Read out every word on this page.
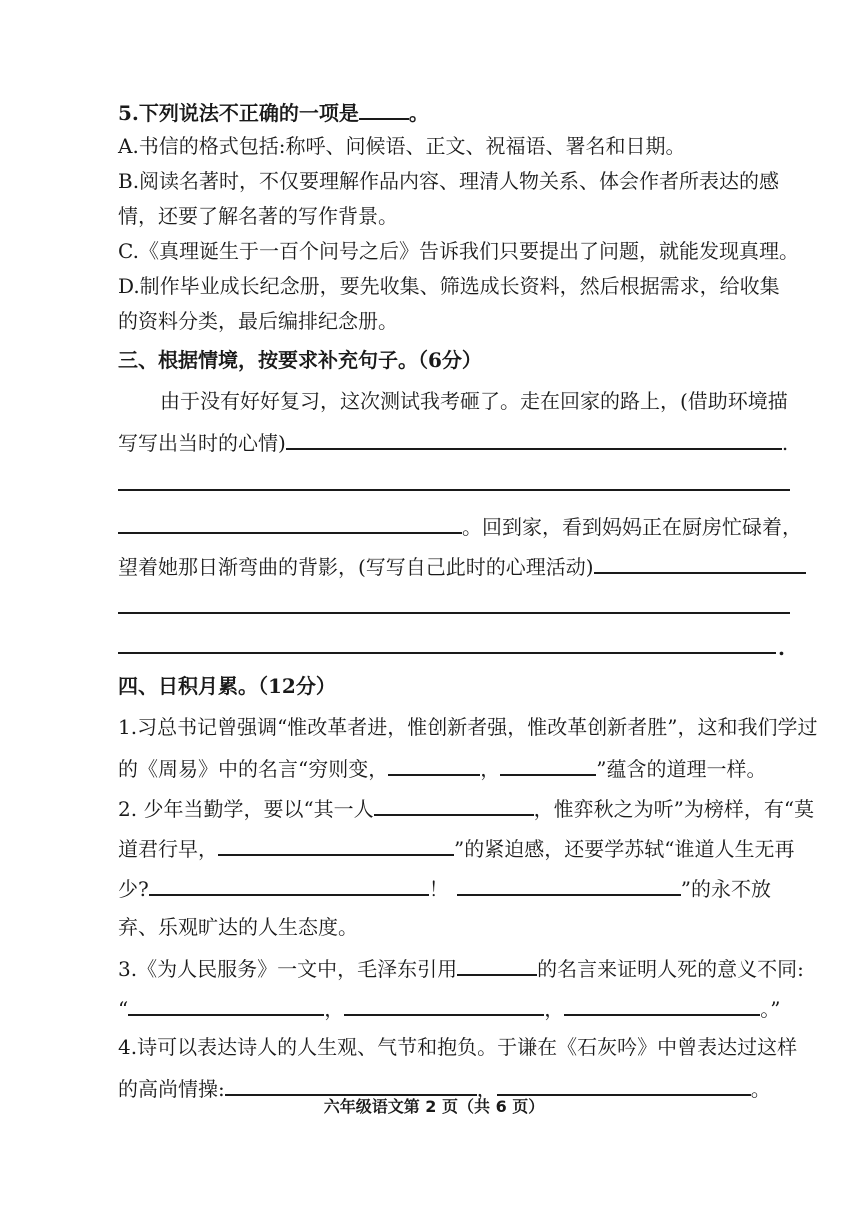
5.下列说法不正确的一项是	。
A.书信的格式包括:称呼、问候语、正文、祝福语、署名和日期。
B.阅读名著时，不仅要理解作品内容、理清人物关系、体会作者所表达的感
情，还要了解名著的写作背景。
C.《真理诞生于一百个问号之后》告诉我们只要提出了问题，就能发现真理。
D.制作毕业成长纪念册，要先收集、筛选成长资料，然后根据需求，给收集
的资料分类，最后编排纪念册。
三、根据情境，按要求补充句子。（6分）
由于没有好好复习，这次测试我考砸了。走在回家的路上，(借助环境描
写写出当时的心情)	.
。回到家，看到妈妈正在厨房忙碌着，
望着她那日渐弯曲的背影，(写写自己此时的心理活动)
.
四、日积月累。（12分）
1.习总书记曾强调“惟改革者进，惟创新者强，惟改革创新者胜”，这和我们学过
的《周易》中的名言“穷则变，	，	”蕴含的道理一样。
2. 少年当勤学，要以“其一人	，惟弈秋之为听”为榜样，有“莫
道君行早，	”的紧迫感，还要学苏轼“谁道人生无再
少?	！	”的永不放
弃、乐观旷达的人生态度。
3.《为人民服务》一文中，毛泽东引用	的名言来证明人死的意义不同:
“	，	，	。”
4.诗可以表达诗人的人生观、气节和抱负。于谦在《石灰吟》中曾表达过这样
的高尚情操:	，	。
六年级语文第 2 页（共 6 页）
